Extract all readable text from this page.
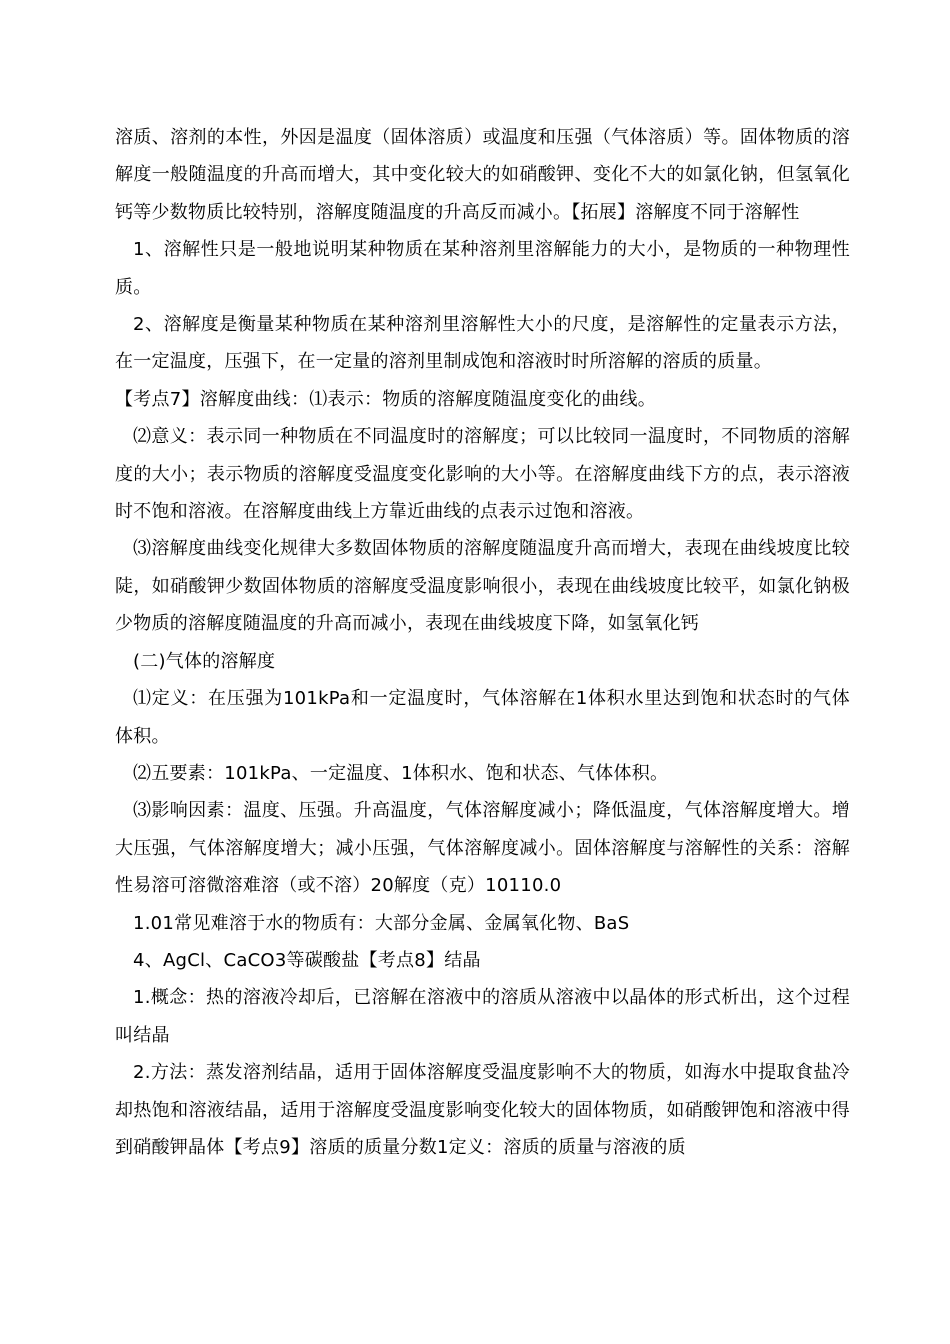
溶质、溶剂的本性，外因是温度（固体溶质）或温度和压强（气体溶质）等。固体物质的溶解度一般随温度的升高而增大，其中变化较大的如硝酸钾、变化不大的如氯化钠，但氢氧化钙等少数物质比较特别，溶解度随温度的升高反而减小。【拓展】溶解度不同于溶解性

1、溶解性只是一般地说明某种物质在某种溶剂里溶解能力的大小，是物质的一种物理性质。

2、溶解度是衡量某种物质在某种溶剂里溶解性大小的尺度，是溶解性的定量表示方法，在一定温度，压强下，在一定量的溶剂里制成饱和溶液时时所溶解的溶质的质量。

【考点7】溶解度曲线：⑴表示：物质的溶解度随温度变化的曲线。

⑵意义：表示同一种物质在不同温度时的溶解度；可以比较同一温度时，不同物质的溶解度的大小；表示物质的溶解度受温度变化影响的大小等。在溶解度曲线下方的点，表示溶液时不饱和溶液。在溶解度曲线上方靠近曲线的点表示过饱和溶液。

⑶溶解度曲线变化规律大多数固体物质的溶解度随温度升高而增大，表现在曲线坡度比较陡，如硝酸钾少数固体物质的溶解度受温度影响很小，表现在曲线坡度比较平，如氯化钠极少物质的溶解度随温度的升高而减小，表现在曲线坡度下降，如氢氧化钙

(二)气体的溶解度

⑴定义：在压强为101kPa和一定温度时，气体溶解在1体积水里达到饱和状态时的气体体积。

⑵五要素：101kPa、一定温度、1体积水、饱和状态、气体体积。

⑶影响因素：温度、压强。升高温度，气体溶解度减小；降低温度，气体溶解度增大。增大压强，气体溶解度增大；减小压强，气体溶解度减小。固体溶解度与溶解性的关系：溶解性易溶可溶微溶难溶（或不溶）20解度（克）10110.0

1.01常见难溶于水的物质有：大部分金属、金属氧化物、BaS

4、AgCl、CaCO3等碳酸盐【考点8】结晶

1.概念：热的溶液冷却后，已溶解在溶液中的溶质从溶液中以晶体的形式析出，这个过程叫结晶

2.方法：蒸发溶剂结晶，适用于固体溶解度受温度影响不大的物质，如海水中提取食盐冷却热饱和溶液结晶，适用于溶解度受温度影响变化较大的固体物质，如硝酸钾饱和溶液中得到硝酸钾晶体【考点9】溶质的质量分数1定义：溶质的质量与溶液的质
